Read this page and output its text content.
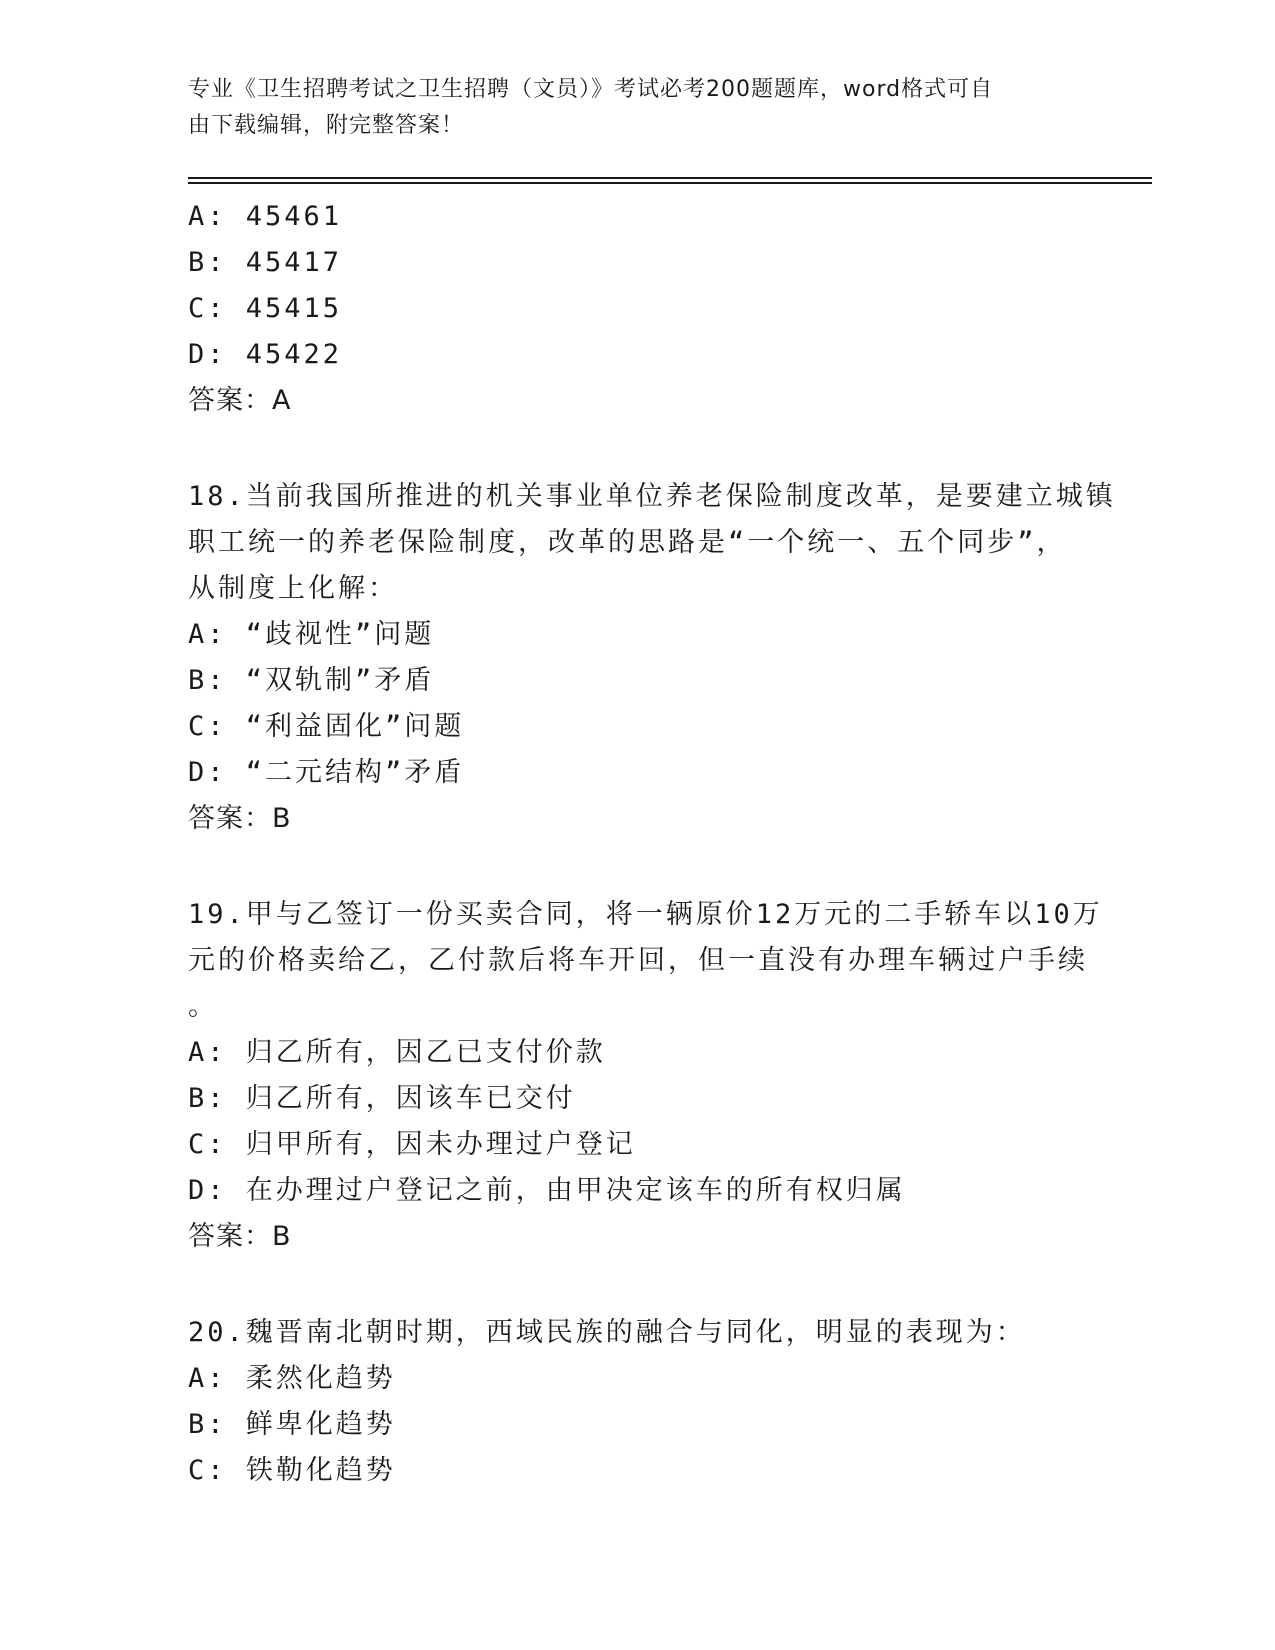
专业《卫生招聘考试之卫生招聘（文员）》考试必考200题题库，word格式可自
由下载编辑，附完整答案！
A: 45461
B: 45417
C: 45415
D: 45422
答案：A
18.当前我国所推进的机关事业单位养老保险制度改革，是要建立城镇
职工统一的养老保险制度，改革的思路是“一个统一、五个同步”，
从制度上化解：
A: “歧视性”问题
B: “双轨制”矛盾
C: “利益固化”问题
D: “二元结构”矛盾
答案：B
19.甲与乙签订一份买卖合同，将一辆原价12万元的二手轿车以10万
元的价格卖给乙，乙付款后将车开回，但一直没有办理车辆过户手续
。
A: 归乙所有，因乙已支付价款
B: 归乙所有，因该车已交付
C: 归甲所有，因未办理过户登记
D: 在办理过户登记之前，由甲决定该车的所有权归属
答案：B
20.魏晋南北朝时期，西域民族的融合与同化，明显的表现为：
A: 柔然化趋势
B: 鲜卑化趋势
C: 铁勒化趋势
